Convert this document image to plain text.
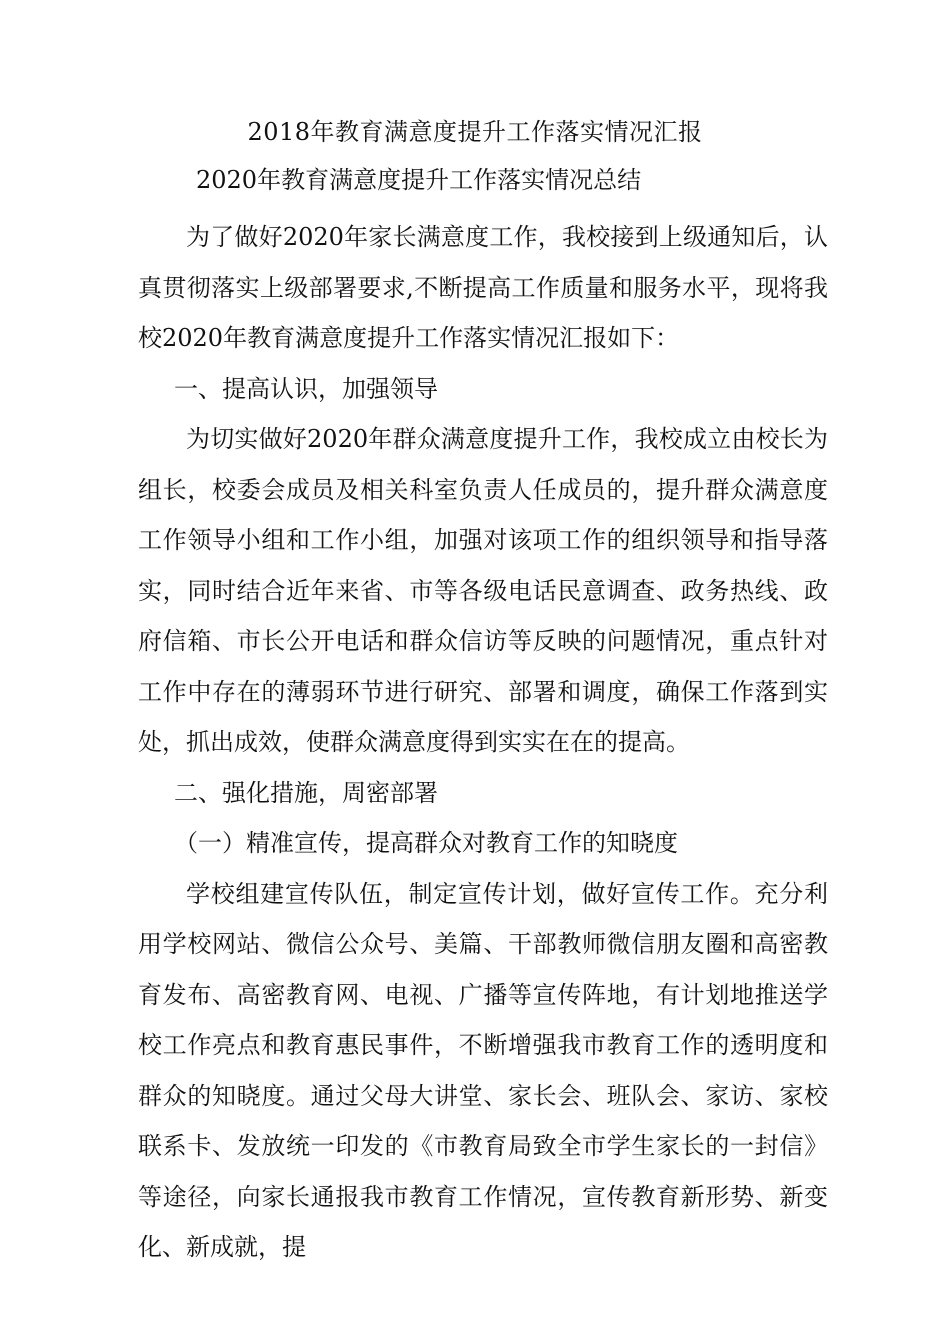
2018年教育满意度提升工作落实情况汇报
2020年教育满意度提升工作落实情况总结

为了做好2020年家长满意度工作，我校接到上级通知后，认真贯彻落实上级部署要求,不断提高工作质量和服务水平，现将我校2020年教育满意度提升工作落实情况汇报如下：

一、提高认识，加强领导

为切实做好2020年群众满意度提升工作，我校成立由校长为组长，校委会成员及相关科室负责人任成员的，提升群众满意度工作领导小组和工作小组，加强对该项工作的组织领导和指导落实，同时结合近年来省、市等各级电话民意调查、政务热线、政府信箱、市长公开电话和群众信访等反映的问题情况，重点针对工作中存在的薄弱环节进行研究、部署和调度，确保工作落到实处，抓出成效，使群众满意度得到实实在在的提高。

二、强化措施，周密部署

（一）精准宣传，提高群众对教育工作的知晓度

学校组建宣传队伍，制定宣传计划，做好宣传工作。充分利用学校网站、微信公众号、美篇、干部教师微信朋友圈和高密教育发布、高密教育网、电视、广播等宣传阵地，有计划地推送学校工作亮点和教育惠民事件，不断增强我市教育工作的透明度和群众的知晓度。通过父母大讲堂、家长会、班队会、家访、家校联系卡、发放统一印发的《市教育局致全市学生家长的一封信》等途径，向家长通报我市教育工作情况，宣传教育新形势、新变化、新成就，提
